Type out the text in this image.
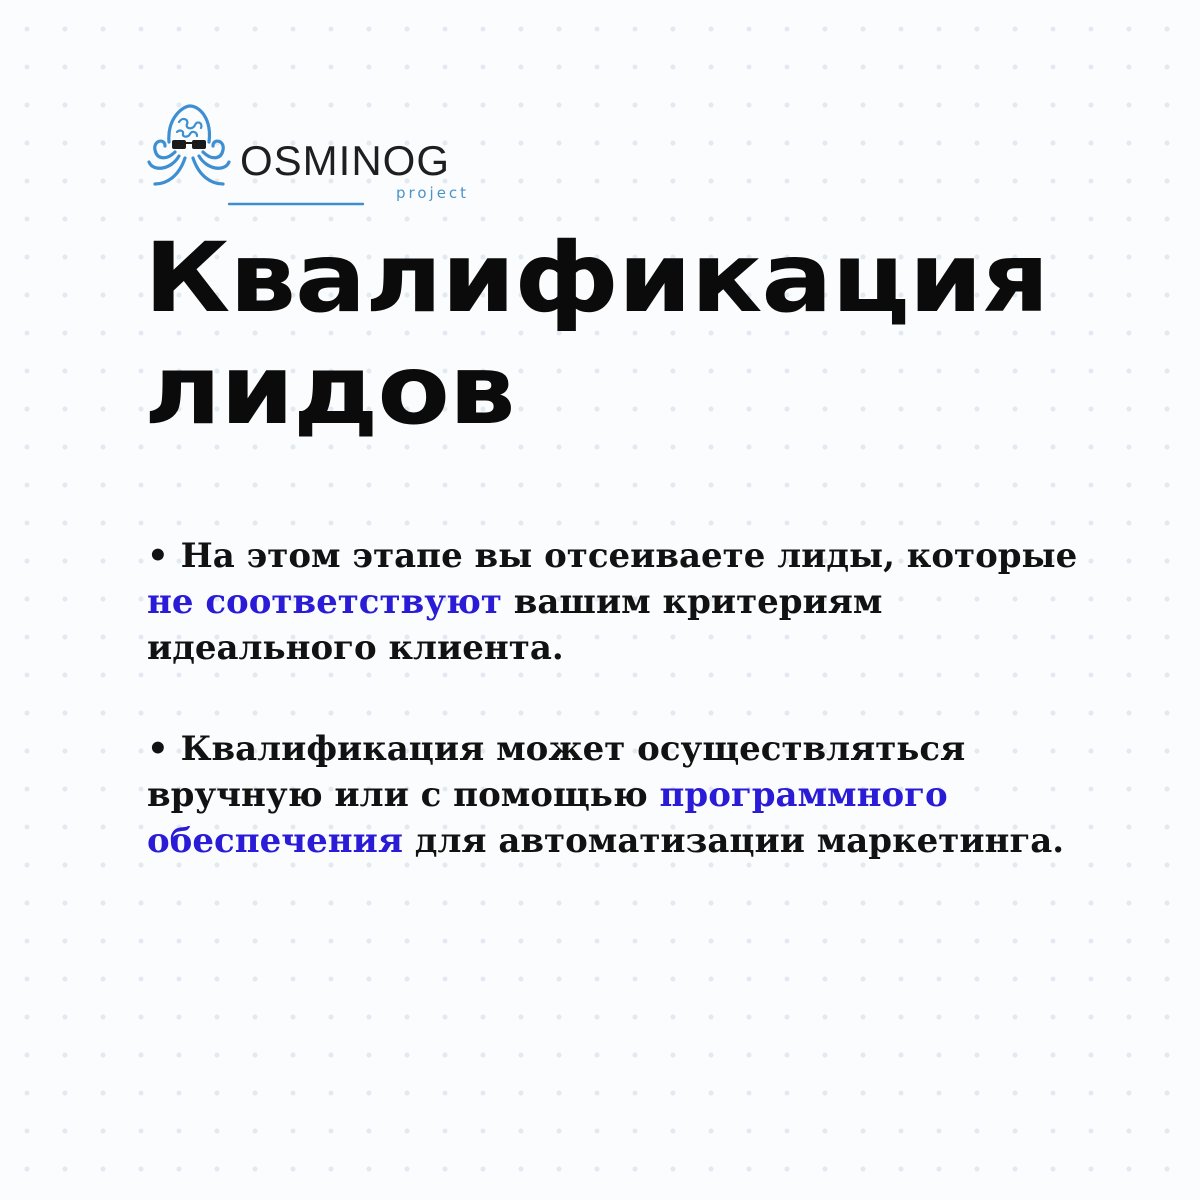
OSMINOG
project
Квалификация
лидов

• На этом этапе вы отсеиваете лиды, которые не соответствуют вашим критериям идеального клиента.

• Квалификация может осуществляться вручную или с помощью программного обеспечения для автоматизации маркетинга.
